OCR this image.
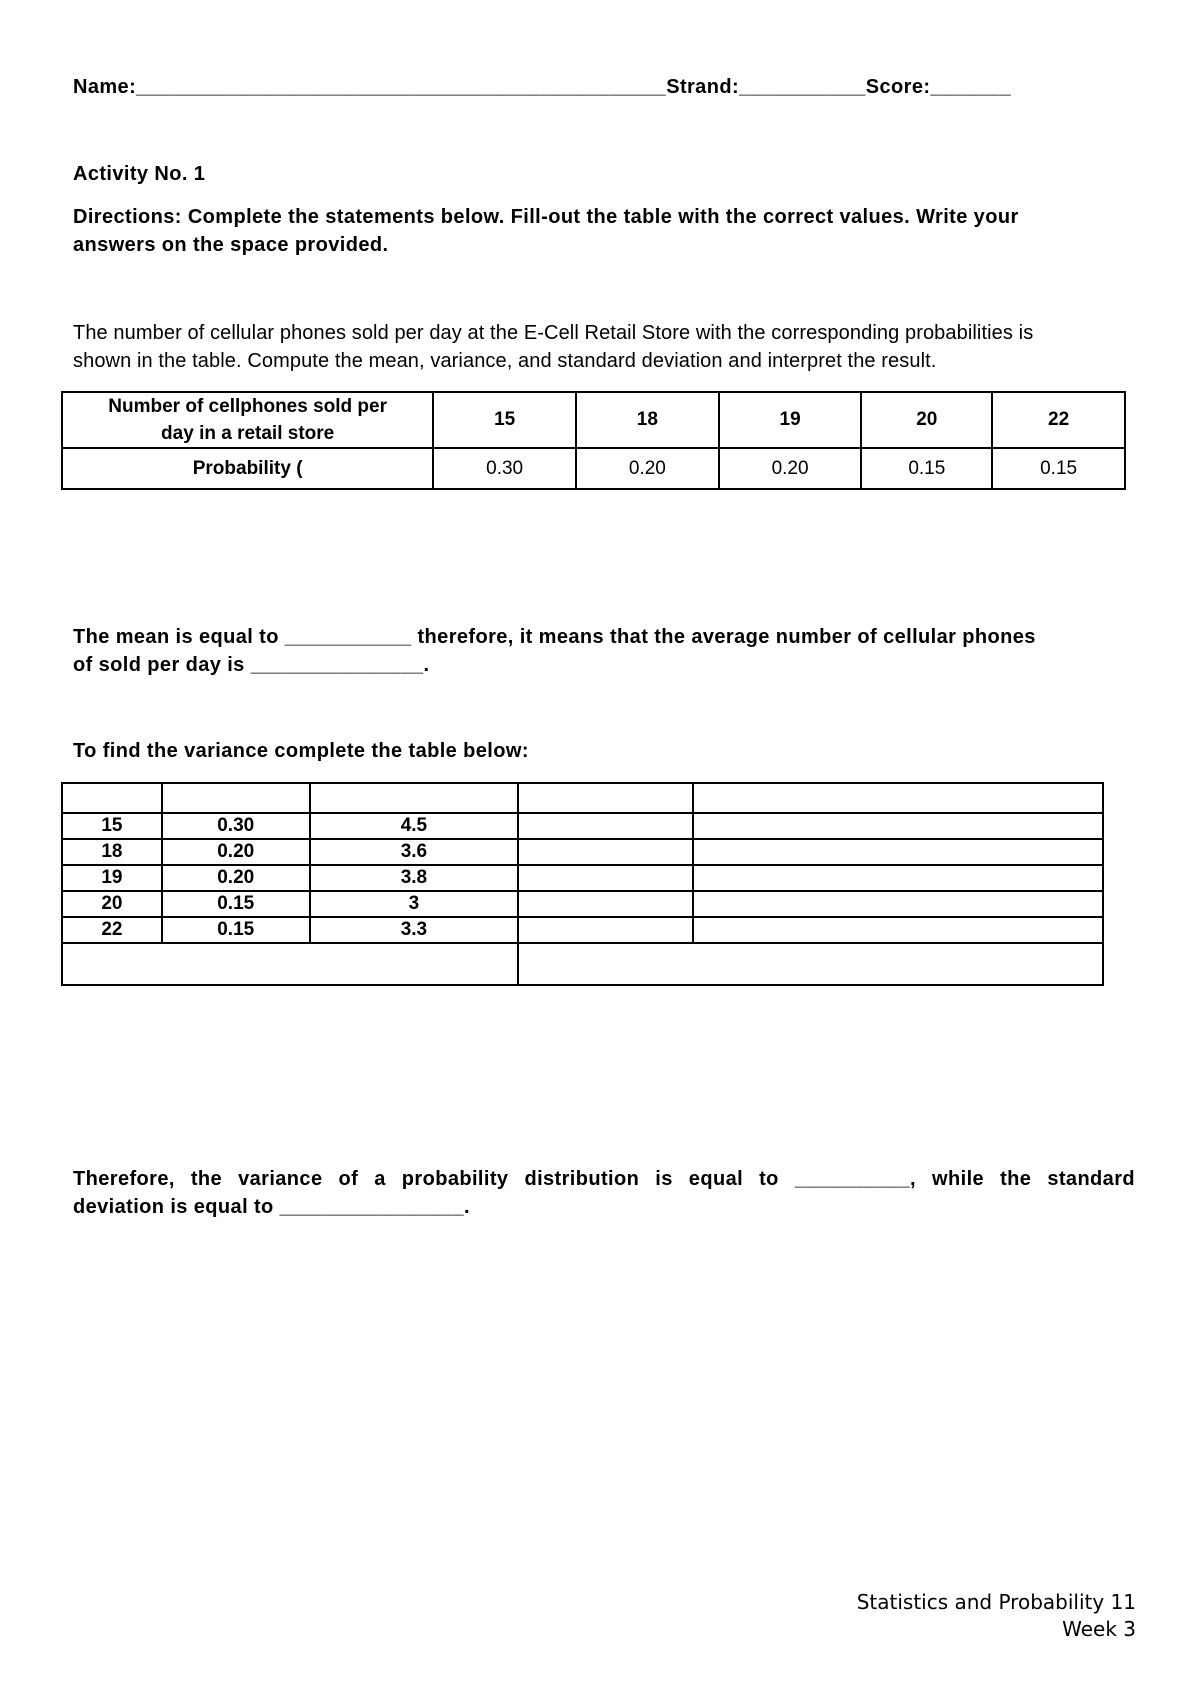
Name:______________________________________________Strand:___________Score:_______
Activity No. 1
Directions: Complete the statements below. Fill-out the table with the correct values. Write your
answers on the space provided.
The number of cellular phones sold per day at the E-Cell Retail Store with the corresponding probabilities is
shown in the table. Compute the mean, variance, and standard deviation and interpret the result.
Number of cellphones sold per
day in a retail store	15	18	19	20	22
Probability (	0.30	0.20	0.20	0.15	0.15
The mean is equal to ___________ therefore, it means that the average number of cellular phones
of sold per day is _______________.
To find the variance complete the table below:

15	0.30	4.5		
18	0.20	3.6		
19	0.20	3.8		
20	0.15	3		
22	0.15	3.3		

Therefore, the variance of a probability distribution is equal to __________, while the standard
deviation is equal to ________________.
Statistics and Probability 11
Week 3
